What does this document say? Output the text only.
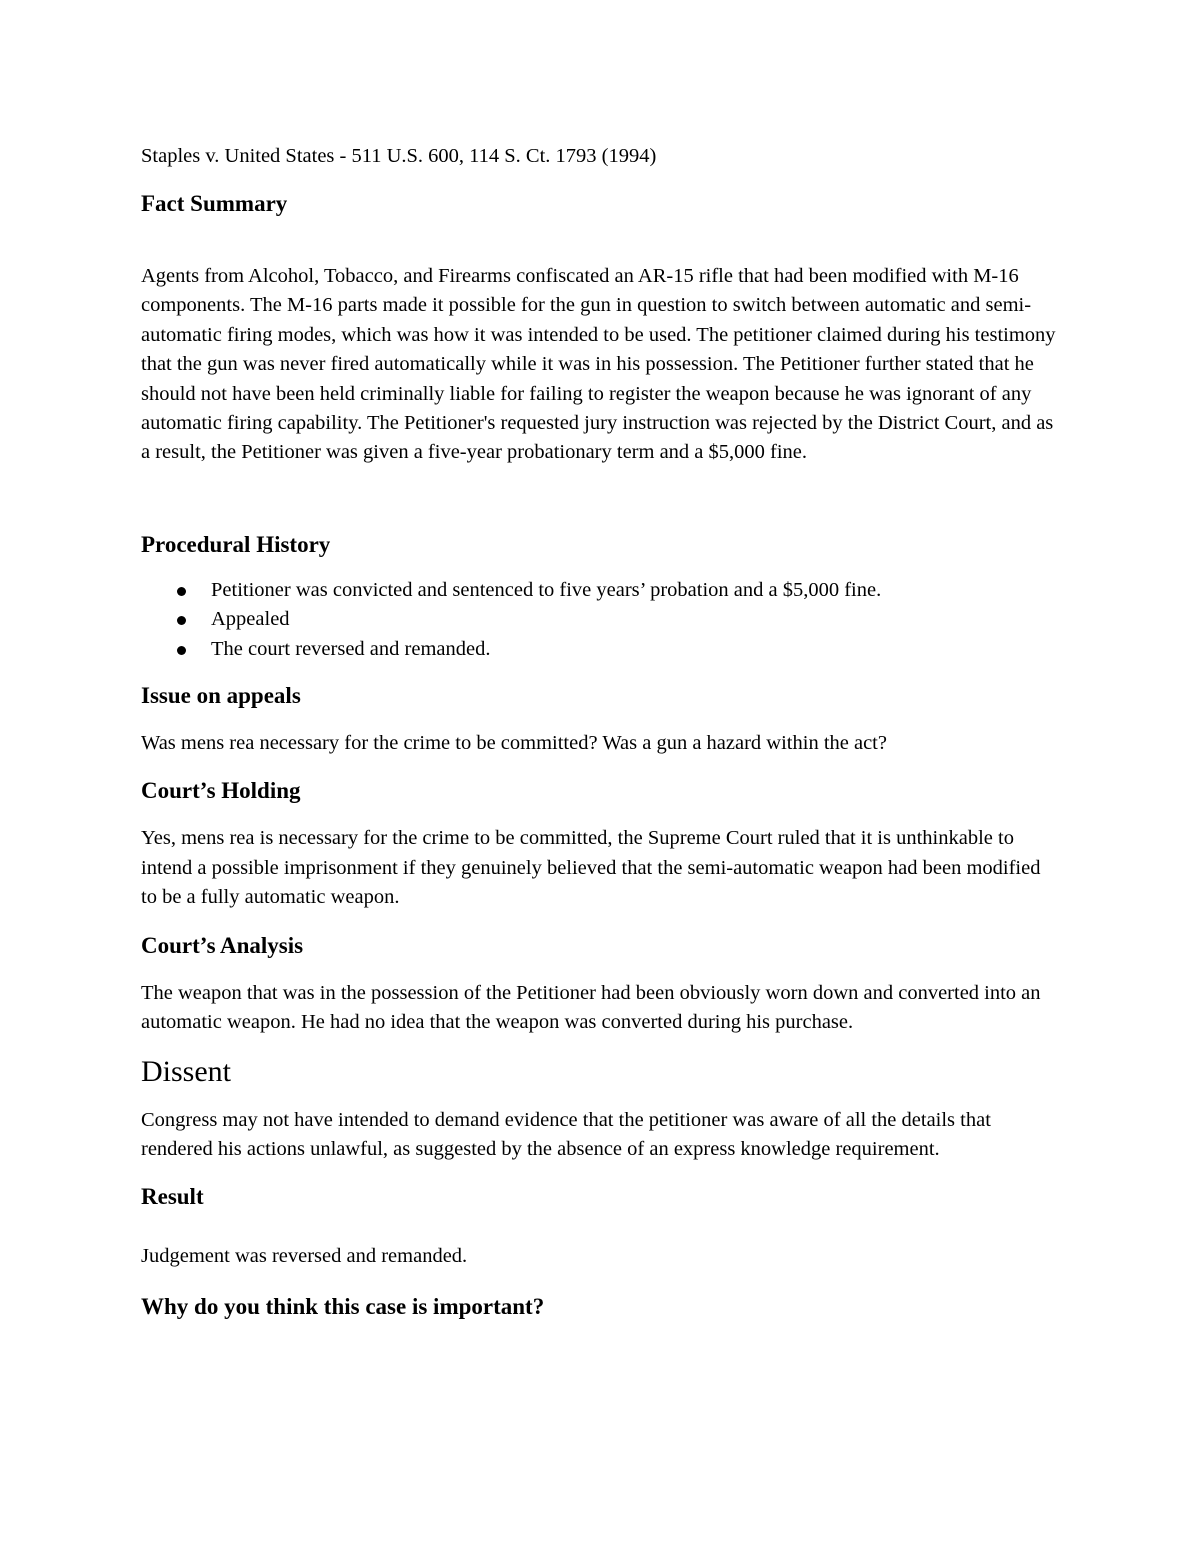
Staples v. United States - 511 U.S. 600, 114 S. Ct. 1793 (1994)

Fact Summary

Agents from Alcohol, Tobacco, and Firearms confiscated an AR-15 rifle that had been modified with M-16 components. The M-16 parts made it possible for the gun in question to switch between automatic and semi-automatic firing modes, which was how it was intended to be used. The petitioner claimed during his testimony that the gun was never fired automatically while it was in his possession. The Petitioner further stated that he should not have been held criminally liable for failing to register the weapon because he was ignorant of any automatic firing capability. The Petitioner's requested jury instruction was rejected by the District Court, and as a result, the Petitioner was given a five-year probationary term and a $5,000 fine.

Procedural History
Petitioner was convicted and sentenced to five years’ probation and a $5,000 fine.
Appealed
The court reversed and remanded.
Issue on appeals

Was mens rea necessary for the crime to be committed? Was a gun a hazard within the act?

Court’s Holding

Yes, mens rea is necessary for the crime to be committed, the Supreme Court ruled that it is unthinkable to intend a possible imprisonment if they genuinely believed that the semi-automatic weapon had been modified to be a fully automatic weapon.

Court’s Analysis

The weapon that was in the possession of the Petitioner had been obviously worn down and converted into an automatic weapon. He had no idea that the weapon was converted during his purchase.

Dissent

Congress may not have intended to demand evidence that the petitioner was aware of all the details that rendered his actions unlawful, as suggested by the absence of an express knowledge requirement.

Result

Judgement was reversed and remanded.

Why do you think this case is important?
